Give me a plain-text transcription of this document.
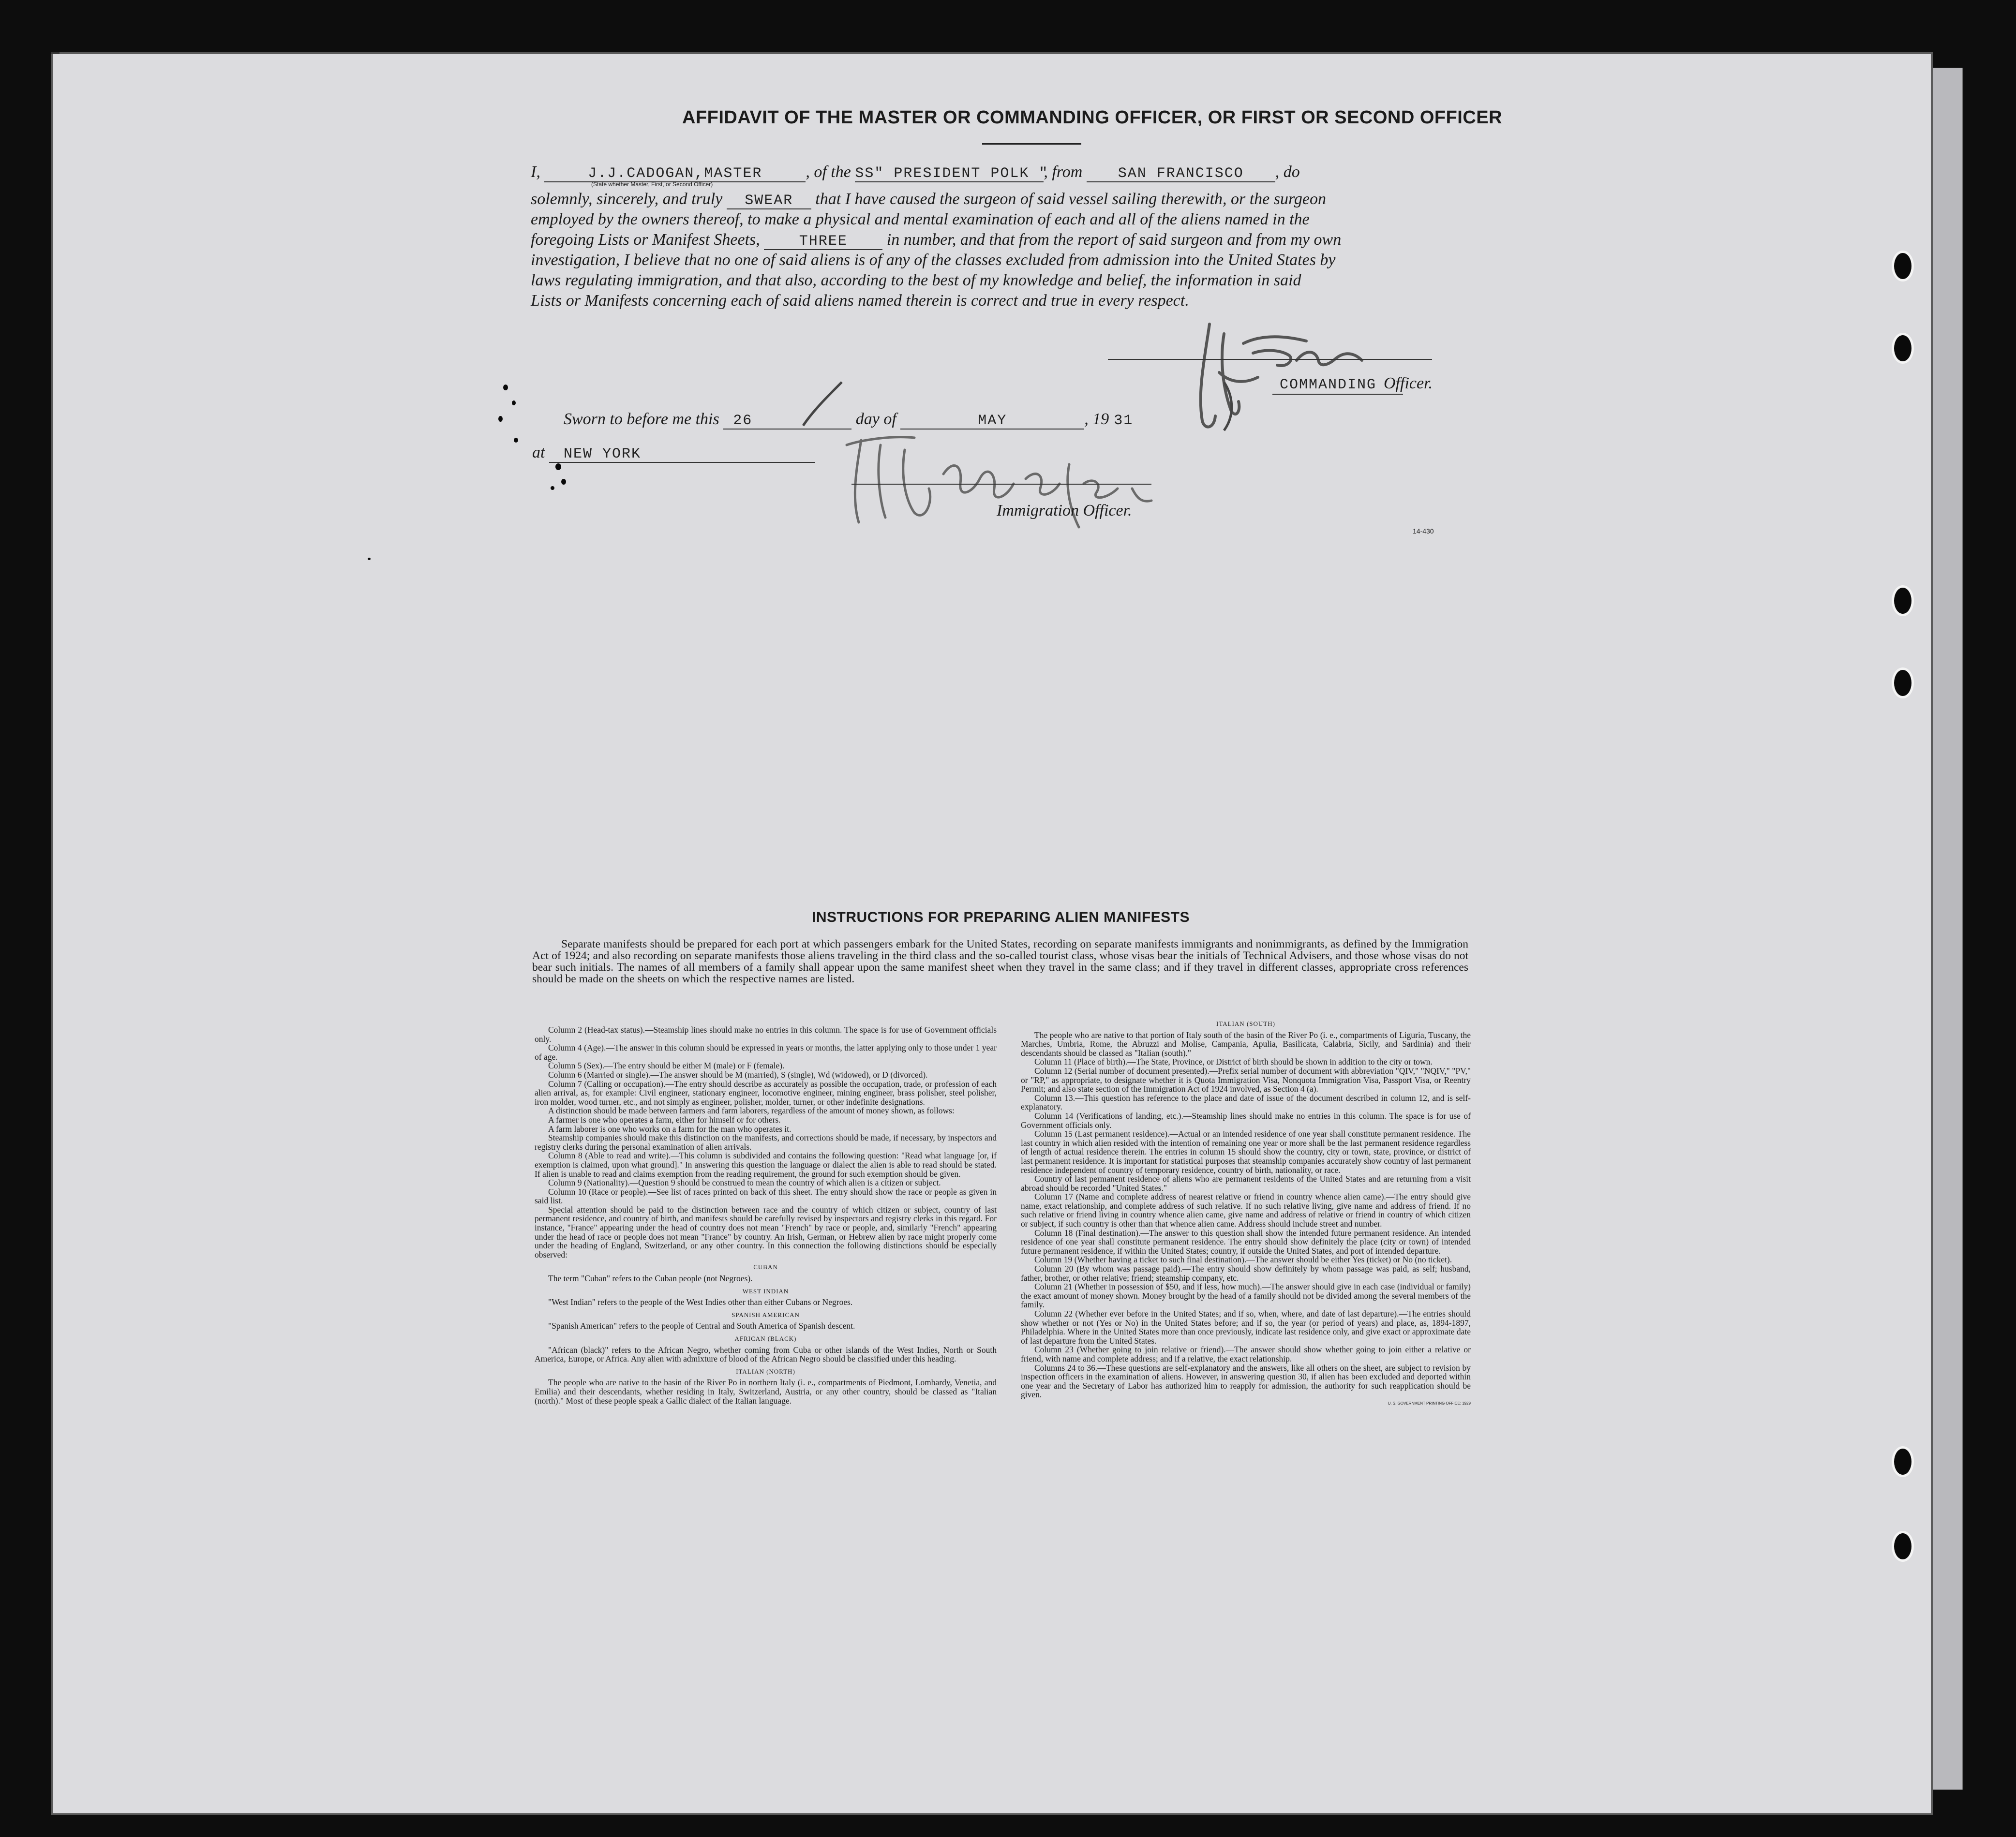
AFFIDAVIT OF THE MASTER OR COMMANDING OFFICER, OR FIRST OR SECOND OFFICER
I,	J.J.CADOGAN,MASTER	, of the SS" PRESIDENT POLK ", from SAN FRANCISCO , do
(State whether Master, First, or Second Officer)
solemnly, sincerely, and truly SWEAR that I have caused the surgeon of said vessel sailing therewith, or the surgeon
employed by the owners thereof, to make a physical and mental examination of each and all of the aliens named in the
foregoing Lists or Manifest Sheets,	THREE in number, and that from the report of said surgeon and from my own
investigation, I believe that no one of said aliens is of any of the classes excluded from admission into the United States by
laws regulating immigration, and that also, according to the best of my knowledge and belief, the information in said
Lists or Manifests concerning each of said aliens named therein is correct and true in every respect.
COMMANDING Officer.
Sworn to before me this 26	day of	MAY	, 19 31
at NEW YORK
Immigration Officer.
14-430
INSTRUCTIONS FOR PREPARING ALIEN MANIFESTS
Separate manifests should be prepared for each port at which passengers embark for the United States, recording on separate manifests immigrants and nonimmigrants, as defined by the Immigration Act of 1924; and also recording on separate manifests those aliens traveling in the third class and the so-called tourist class, whose visas bear the initials of Technical Advisers, and those whose visas do not bear such initials. The names of all members of a family shall appear upon the same manifest sheet when they travel in the same class; and if they travel in different classes, appropriate cross references should be made on the sheets on which the respective names are listed.

Column 2 (Head-tax status).—Steamship lines should make no entries in this column. The space is for use of Government officials only.

Column 4 (Age).—The answer in this column should be expressed in years or months, the latter applying only to those under 1 year of age.

Column 5 (Sex).—The entry should be either M (male) or F (female).

Column 6 (Married or single).—The answer should be M (married), S (single), Wd (widowed), or D (divorced).

Column 7 (Calling or occupation).—The entry should describe as accurately as possible the occupation, trade, or profession of each alien arrival, as, for example: Civil engineer, stationary engineer, locomotive engineer, mining engineer, brass polisher, steel polisher, iron molder, wood turner, etc., and not simply as engineer, polisher, molder, turner, or other indefinite designations.

A distinction should be made between farmers and farm laborers, regardless of the amount of money shown, as follows:

A farmer is one who operates a farm, either for himself or for others.

A farm laborer is one who works on a farm for the man who operates it.

Steamship companies should make this distinction on the manifests, and corrections should be made, if necessary, by inspectors and registry clerks during the personal examination of alien arrivals.

Column 8 (Able to read and write).—This column is subdivided and contains the following question: "Read what language [or, if exemption is claimed, upon what ground]." In answering this question the language or dialect the alien is able to read should be stated. If alien is unable to read and claims exemption from the reading requirement, the ground for such exemption should be given.

Column 9 (Nationality).—Question 9 should be construed to mean the country of which alien is a citizen or subject.

Column 10 (Race or people).—See list of races printed on back of this sheet. The entry should show the race or people as given in said list.

Special attention should be paid to the distinction between race and the country of which citizen or subject, country of last permanent residence, and country of birth, and manifests should be carefully revised by inspectors and registry clerks in this regard. For instance, "France" appearing under the head of country does not mean "French" by race or people, and, similarly "French" appearing under the head of race or people does not mean "France" by country. An Irish, German, or Hebrew alien by race might properly come under the heading of England, Switzerland, or any other country. In this connection the following distinctions should be especially observed:

CUBAN

The term "Cuban" refers to the Cuban people (not Negroes).

WEST INDIAN

"West Indian" refers to the people of the West Indies other than either Cubans or Negroes.

SPANISH AMERICAN

"Spanish American" refers to the people of Central and South America of Spanish descent.

AFRICAN (BLACK)

"African (black)" refers to the African Negro, whether coming from Cuba or other islands of the West Indies, North or South America, Europe, or Africa. Any alien with admixture of blood of the African Negro should be classified under this heading.

ITALIAN (NORTH)

The people who are native to the basin of the River Po in northern Italy (i. e., compartments of Piedmont, Lombardy, Venetia, and Emilia) and their descendants, whether residing in Italy, Switzerland, Austria, or any other country, should be classed as "Italian (north)." Most of these people speak a Gallic dialect of the Italian language.

ITALIAN (SOUTH)

The people who are native to that portion of Italy south of the basin of the River Po (i. e., compartments of Liguria, Tuscany, the Marches, Umbria, Rome, the Abruzzi and Molise, Campania, Apulia, Basilicata, Calabria, Sicily, and Sardinia) and their descendants should be classed as "Italian (south)."

Column 11 (Place of birth).—The State, Province, or District of birth should be shown in addition to the city or town.

Column 12 (Serial number of document presented).—Prefix serial number of document with abbreviation "QIV," "NQIV," "PV," or "RP," as appropriate, to designate whether it is Quota Immigration Visa, Nonquota Immigration Visa, Passport Visa, or Reentry Permit; and also state section of the Immigration Act of 1924 involved, as Section 4 (a).

Column 13.—This question has reference to the place and date of issue of the document described in column 12, and is self-explanatory.

Column 14 (Verifications of landing, etc.).—Steamship lines should make no entries in this column. The space is for use of Government officials only.

Column 15 (Last permanent residence).—Actual or an intended residence of one year shall constitute permanent residence. The last country in which alien resided with the intention of remaining one year or more shall be the last permanent residence regardless of length of actual residence therein. The entries in column 15 should show the country, city or town, state, province, or district of last permanent residence. It is important for statistical purposes that steamship companies accurately show country of last permanent residence independent of country of temporary residence, country of birth, nationality, or race.

Country of last permanent residence of aliens who are permanent residents of the United States and are returning from a visit abroad should be recorded "United States."

Column 17 (Name and complete address of nearest relative or friend in country whence alien came).—The entry should give name, exact relationship, and complete address of such relative. If no such relative living, give name and address of friend. If no such relative or friend living in country whence alien came, give name and address of relative or friend in country of which citizen or subject, if such country is other than that whence alien came. Address should include street and number.

Column 18 (Final destination).—The answer to this question shall show the intended future permanent residence. An intended residence of one year shall constitute permanent residence. The entry should show definitely the place (city or town) of intended future permanent residence, if within the United States; country, if outside the United States, and port of intended departure.

Column 19 (Whether having a ticket to such final destination).—The answer should be either Yes (ticket) or No (no ticket).

Column 20 (By whom was passage paid).—The entry should show definitely by whom passage was paid, as self; husband, father, brother, or other relative; friend; steamship company, etc.

Column 21 (Whether in possession of $50, and if less, how much).—The answer should give in each case (individual or family) the exact amount of money shown. Money brought by the head of a family should not be divided among the several members of the family.

Column 22 (Whether ever before in the United States; and if so, when, where, and date of last departure).—The entries should show whether or not (Yes or No) in the United States before; and if so, the year (or period of years) and place, as, 1894-1897, Philadelphia. Where in the United States more than once previously, indicate last residence only, and give exact or approximate date of last departure from the United States.

Column 23 (Whether going to join relative or friend).—The answer should show whether going to join either a relative or friend, with name and complete address; and if a relative, the exact relationship.

Columns 24 to 36.—These questions are self-explanatory and the answers, like all others on the sheet, are subject to revision by inspection officers in the examination of aliens. However, in answering question 30, if alien has been excluded and deported within one year and the Secretary of Labor has authorized him to reapply for admission, the authority for such reapplication should be given.

U. S. GOVERNMENT PRINTING OFFICE: 1929
